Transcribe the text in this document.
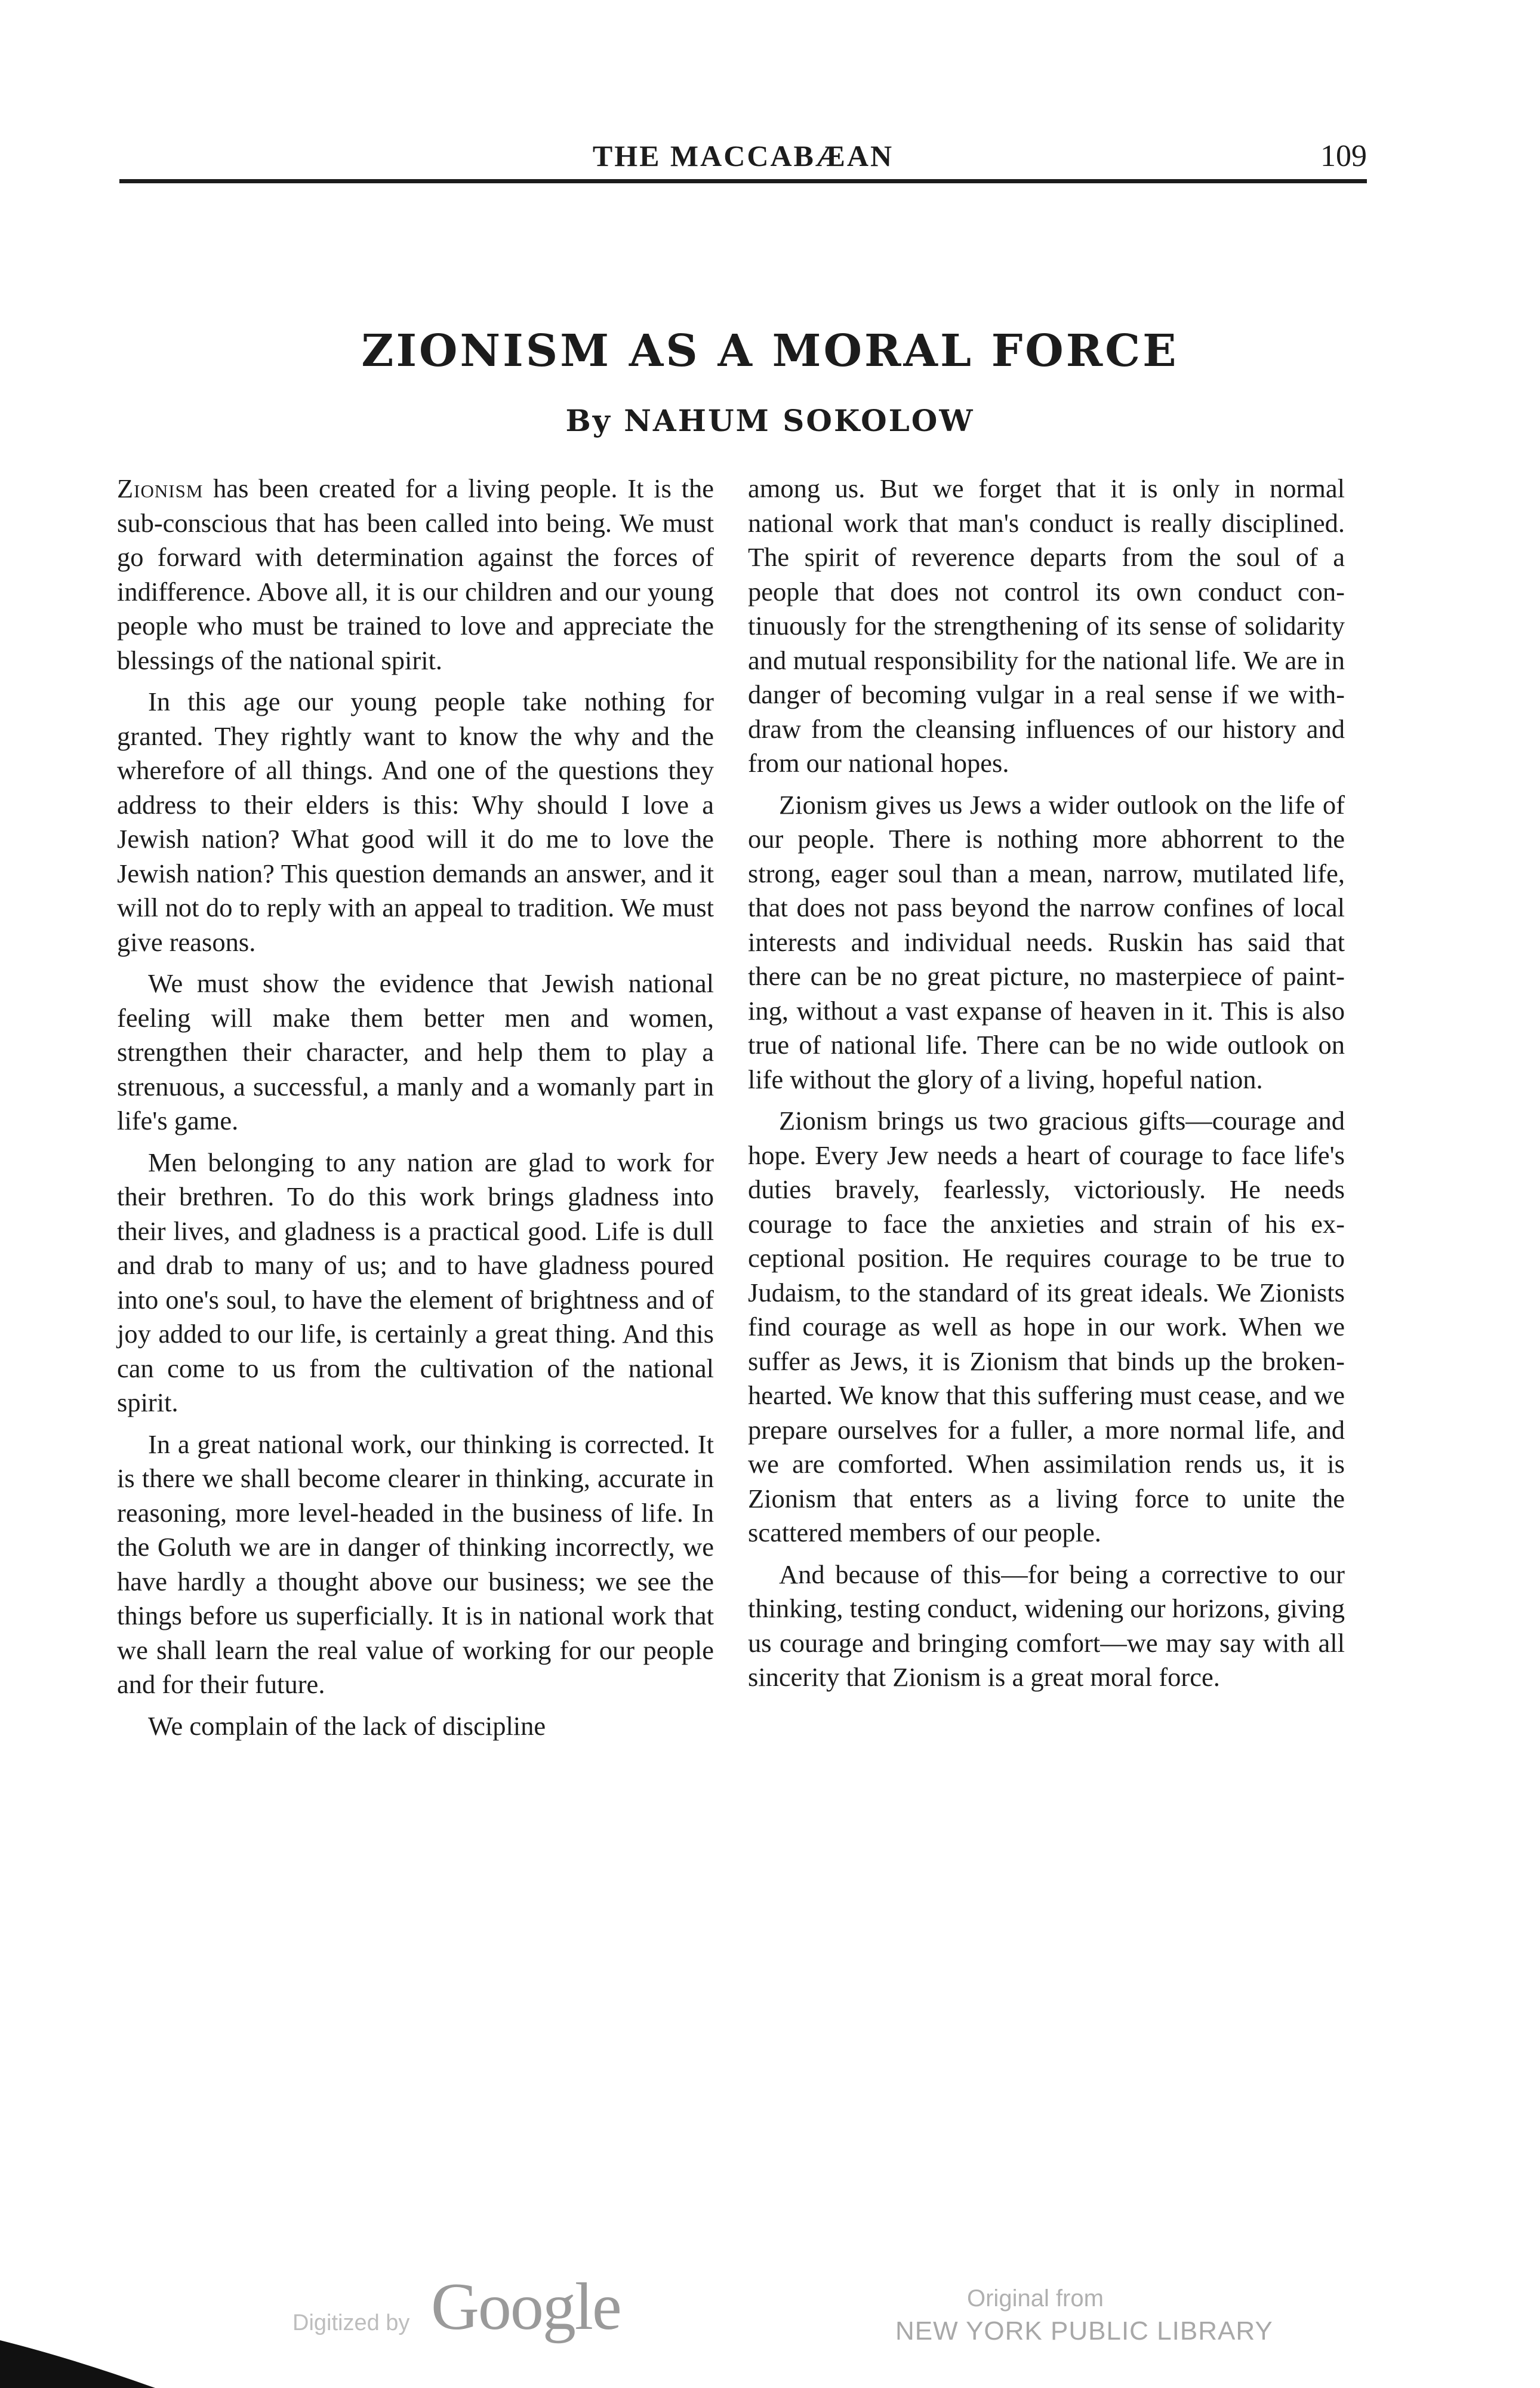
THE MACCABÆAN	109
ZIONISM AS A MORAL FORCE
By NAHUM SOKOLOW

Zionism has been created for a living people. It is the sub-conscious that has been called into being. We must go forward with determination against the forces of indifference. Above all, it is our children and our young people who must be trained to love and appreciate the blessings of the national spirit.

In this age our young people take nothing for granted. They rightly want to know the why and the wherefore of all things. And one of the questions they address to their elders is this: Why should I love a Jewish nation? What good will it do me to love the Jewish nation? This question demands an answer, and it will not do to reply with an appeal to tradition. We must give reasons.

We must show the evidence that Jewish national feeling will make them better men and women, strengthen their character, and help them to play a strenuous, a successful, a manly and a womanly part in life's game.

Men belonging to any nation are glad to work for their brethren. To do this work brings gladness into their lives, and gladness is a practical good. Life is dull and drab to many of us; and to have gladness poured into one's soul, to have the element of brightness and of joy added to our life, is certainly a great thing. And this can come to us from the cultivation of the national spirit.

In a great national work, our thinking is corrected. It is there we shall become clearer in thinking, accurate in reasoning, more level-headed in the business of life. In the Goluth we are in danger of thinking incorrectly, we have hardly a thought above our business; we see the things before us superficially. It is in national work that we shall learn the real value of working for our people and for their future.

We complain of the lack of discipline

among us. But we forget that it is only in normal national work that man's conduct is really disciplined. The spirit of reverence departs from the soul of a people that does not control its own conduct continuously for the strengthening of its sense of solidarity and mutual responsibility for the national life. We are in danger of becoming vulgar in a real sense if we withdraw from the cleansing influences of our history and from our national hopes.

Zionism gives us Jews a wider outlook on the life of our people. There is nothing more abhorrent to the strong, eager soul than a mean, narrow, mutilated life, that does not pass beyond the narrow confines of local interests and individual needs. Ruskin has said that there can be no great picture, no masterpiece of painting, without a vast expanse of heaven in it. This is also true of national life. There can be no wide outlook on life without the glory of a living, hopeful nation.

Zionism brings us two gracious gifts—courage and hope. Every Jew needs a heart of courage to face life's duties bravely, fearlessly, victoriously. He needs courage to face the anxieties and strain of his exceptional position. He requires courage to be true to Judaism, to the standard of its great ideals. We Zionists find courage as well as hope in our work. When we suffer as Jews, it is Zionism that binds up the broken-hearted. We know that this suffering must cease, and we prepare ourselves for a fuller, a more normal life, and we are comforted. When assimilation rends us, it is Zionism that enters as a living force to unite the scattered members of our people.

And because of this—for being a corrective to our thinking, testing conduct, widening our horizons, giving us courage and bringing comfort—we may say with all sincerity that Zionism is a great moral force.

Digitized by Google	Original from
NEW YORK PUBLIC LIBRARY
